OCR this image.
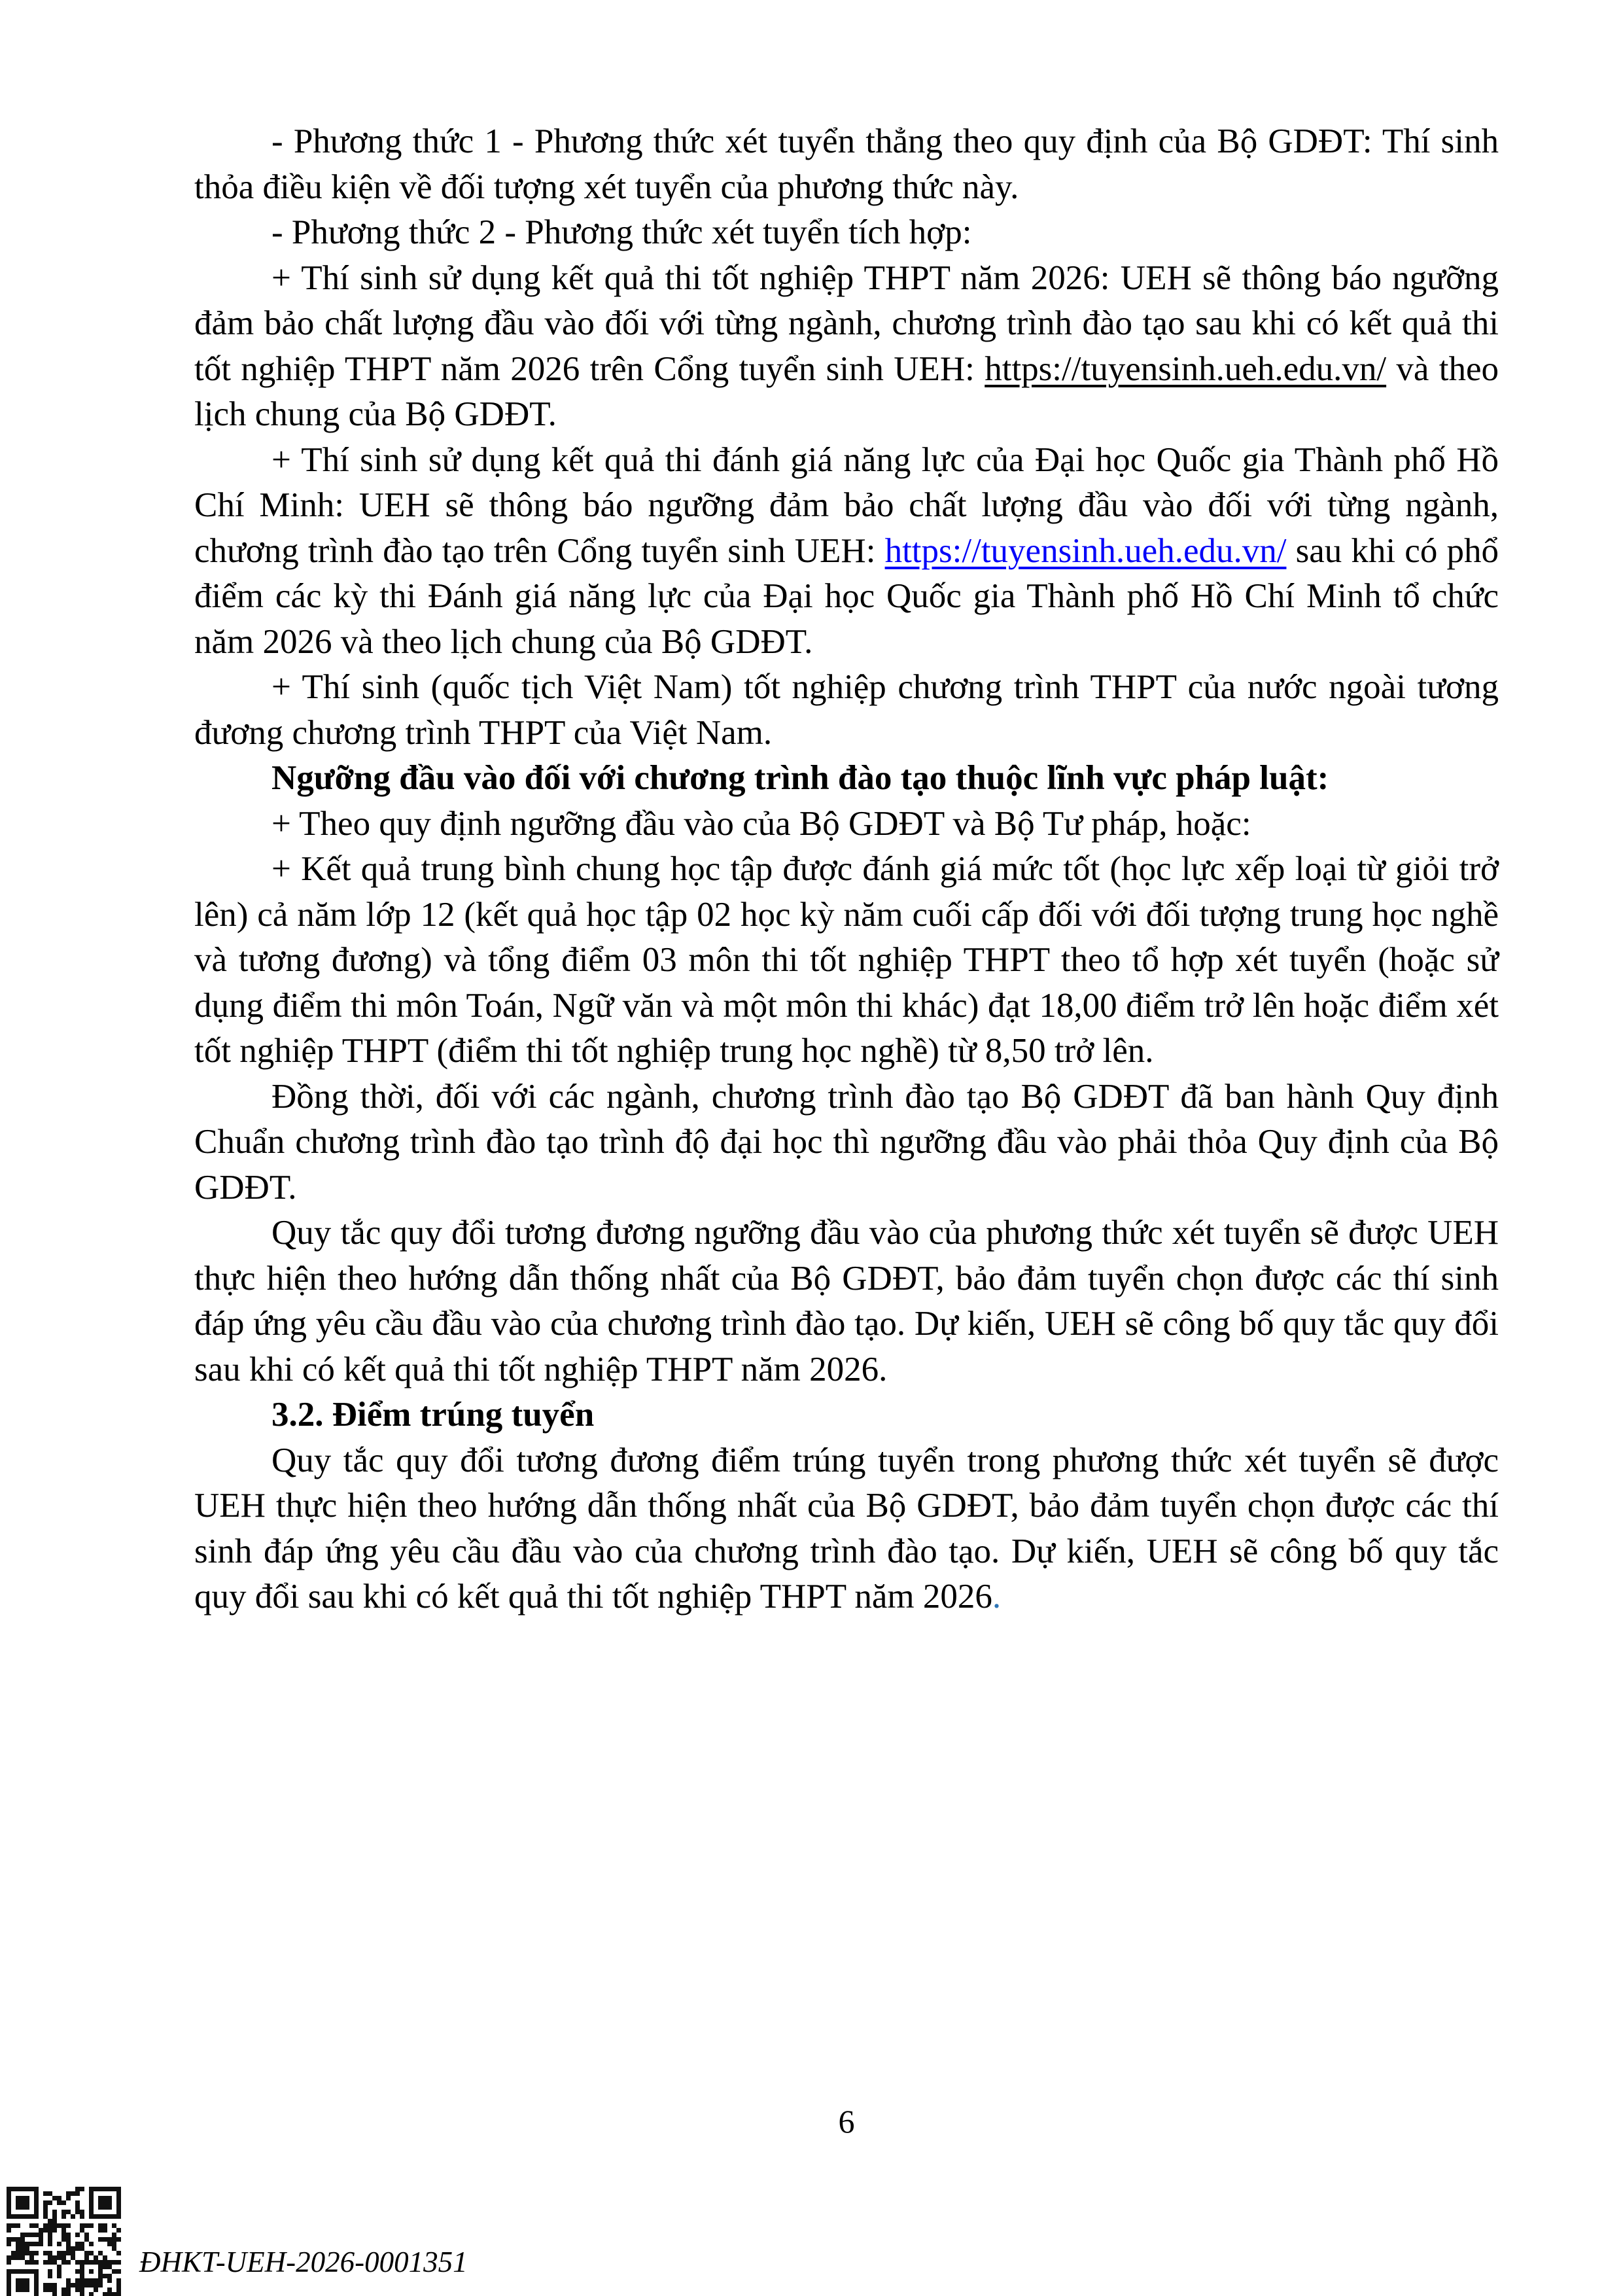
- Phương thức 1 - Phương thức xét tuyển thẳng theo quy định của Bộ GDĐT: Thí sinh thỏa điều kiện về đối tượng xét tuyển của phương thức này.

- Phương thức 2 - Phương thức xét tuyển tích hợp:

+ Thí sinh sử dụng kết quả thi tốt nghiệp THPT năm 2026: UEH sẽ thông báo ngưỡng đảm bảo chất lượng đầu vào đối với từng ngành, chương trình đào tạo sau khi có kết quả thi tốt nghiệp THPT năm 2026 trên Cổng tuyển sinh UEH: https://tuyensinh.ueh.edu.vn/ và theo lịch chung của Bộ GDĐT.

+ Thí sinh sử dụng kết quả thi đánh giá năng lực của Đại học Quốc gia Thành phố Hồ Chí Minh: UEH sẽ thông báo ngưỡng đảm bảo chất lượng đầu vào đối với từng ngành, chương trình đào tạo trên Cổng tuyển sinh UEH: https://tuyensinh.ueh.edu.vn/ sau khi có phổ điểm các kỳ thi Đánh giá năng lực của Đại học Quốc gia Thành phố Hồ Chí Minh tổ chức năm 2026 và theo lịch chung của Bộ GDĐT.

+ Thí sinh (quốc tịch Việt Nam) tốt nghiệp chương trình THPT của nước ngoài tương đương chương trình THPT của Việt Nam.

Ngưỡng đầu vào đối với chương trình đào tạo thuộc lĩnh vực pháp luật:

+ Theo quy định ngưỡng đầu vào của Bộ GDĐT và Bộ Tư pháp, hoặc:

+ Kết quả trung bình chung học tập được đánh giá mức tốt (học lực xếp loại từ giỏi trở lên) cả năm lớp 12 (kết quả học tập 02 học kỳ năm cuối cấp đối với đối tượng trung học nghề và tương đương) và tổng điểm 03 môn thi tốt nghiệp THPT theo tổ hợp xét tuyển (hoặc sử dụng điểm thi môn Toán, Ngữ văn và một môn thi khác) đạt 18,00 điểm trở lên hoặc điểm xét tốt nghiệp THPT (điểm thi tốt nghiệp trung học nghề) từ 8,50 trở lên.

Đồng thời, đối với các ngành, chương trình đào tạo Bộ GDĐT đã ban hành Quy định Chuẩn chương trình đào tạo trình độ đại học thì ngưỡng đầu vào phải thỏa Quy định của Bộ GDĐT.

Quy tắc quy đổi tương đương ngưỡng đầu vào của phương thức xét tuyển sẽ được UEH thực hiện theo hướng dẫn thống nhất của Bộ GDĐT, bảo đảm tuyển chọn được các thí sinh đáp ứng yêu cầu đầu vào của chương trình đào tạo. Dự kiến, UEH sẽ công bố quy tắc quy đổi sau khi có kết quả thi tốt nghiệp THPT năm 2026.

3.2. Điểm trúng tuyển

Quy tắc quy đổi tương đương điểm trúng tuyển trong phương thức xét tuyển sẽ được UEH thực hiện theo hướng dẫn thống nhất của Bộ GDĐT, bảo đảm tuyển chọn được các thí sinh đáp ứng yêu cầu đầu vào của chương trình đào tạo. Dự kiến, UEH sẽ công bố quy tắc quy đổi sau khi có kết quả thi tốt nghiệp THPT năm 2026.

6
ĐHKT-UEH-2026-0001351
